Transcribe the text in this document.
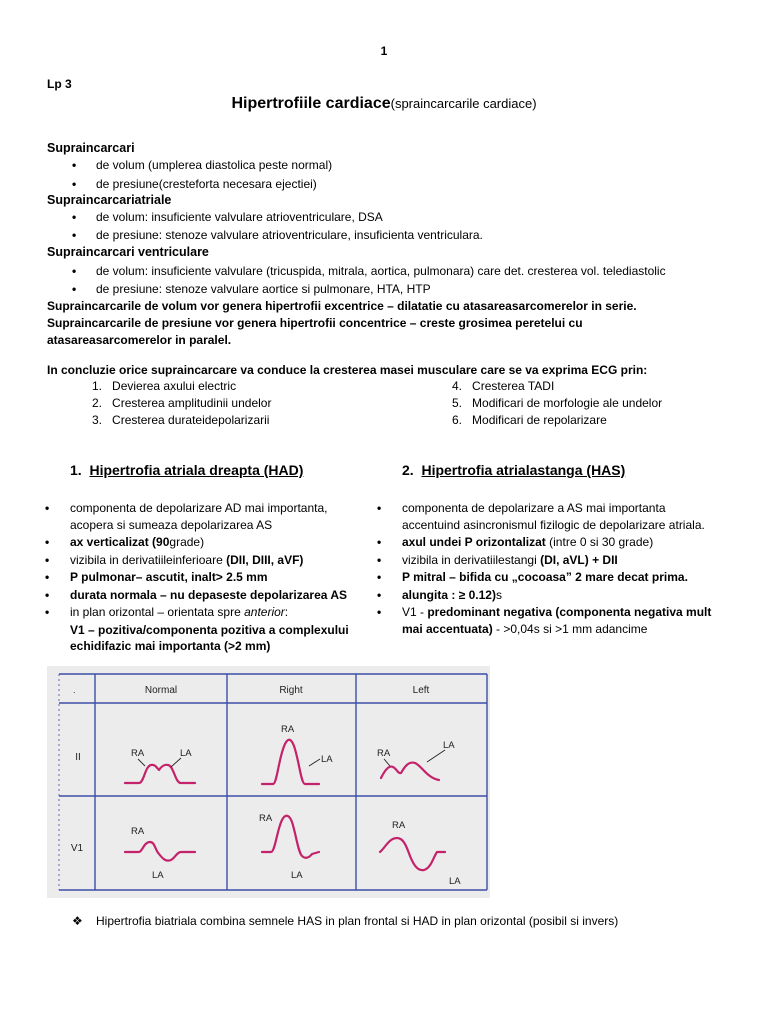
1
Lp 3
Hipertrofiile cardiace(spraincarcarile cardiace)
Supraincarcari
• de volum (umplerea diastolica peste normal)
• de presiune(cresteforta necesara ejectiei)
Supraincarcariatriale
• de volum: insuficiente valvulare atrioventriculare, DSA
• de presiune: stenoze valvulare atrioventriculare, insuficienta ventriculara.
Supraincarcari ventriculare
• de volum: insuficiente valvulare (tricuspida, mitrala, aortica, pulmonara) care det. cresterea vol. telediastolic
• de presiune: stenoze valvulare aortice si pulmonare, HTA, HTP
Supraincarcarile de volum vor genera hipertrofii excentrice – dilatatie cu atasareasarcomerelor in serie.
Supraincarcarile de presiune vor genera hipertrofii concentrice – creste grosimea peretelui cu atasareasarcomerelor in paralel.
In concluzie orice supraincarcare va conduce la cresterea masei musculare care se va exprima ECG prin:
1. Devierea axului electric
2. Cresterea amplitudinii undelor
3. Cresterea durateidepolarizarii
4. Cresterea TADI
5. Modificari de morfologie ale undelor
6. Modificari de repolarizare
1. Hipertrofia atriala dreapta (HAD)	2. Hipertrofia atrialastanga (HAS)
• componenta de depolarizare AD mai importanta, acopera si sumeaza depolarizarea AS
• ax verticalizat (90grade)
• vizibila in derivatiileinferioare (DII, DIII, aVF)
• P pulmonar– ascutit, inalt> 2.5 mm
• durata normala – nu depaseste depolarizarea AS
• in plan orizontal – orientata spre anterior:
V1 – pozitiva/componenta pozitiva a complexului echidifazic mai importanta (>2 mm)
• componenta de depolarizare a AS mai importanta accentuind asincronismul fizilogic de depolarizare atriala.
• axul undei P orizontalizat (intre 0 si 30 grade)
• vizibila in derivatiilestangi (DI, aVL) + DII
• P mitral – bifida cu „cocoasa” 2 mare decat prima.
• alungita : ≥ 0.12)s
• V1 - predominant negativa (componenta negativa mult mai accentuata) - >0,04s si >1 mm adancime
.	Normal	Right	Left
II
V1
RA	LA
RA
LA
RA
LA
RA
LA
RA
LA
RA
LA
❖ Hipertrofia biatriala combina semnele HAS in plan frontal si HAD in plan orizontal (posibil si invers)
